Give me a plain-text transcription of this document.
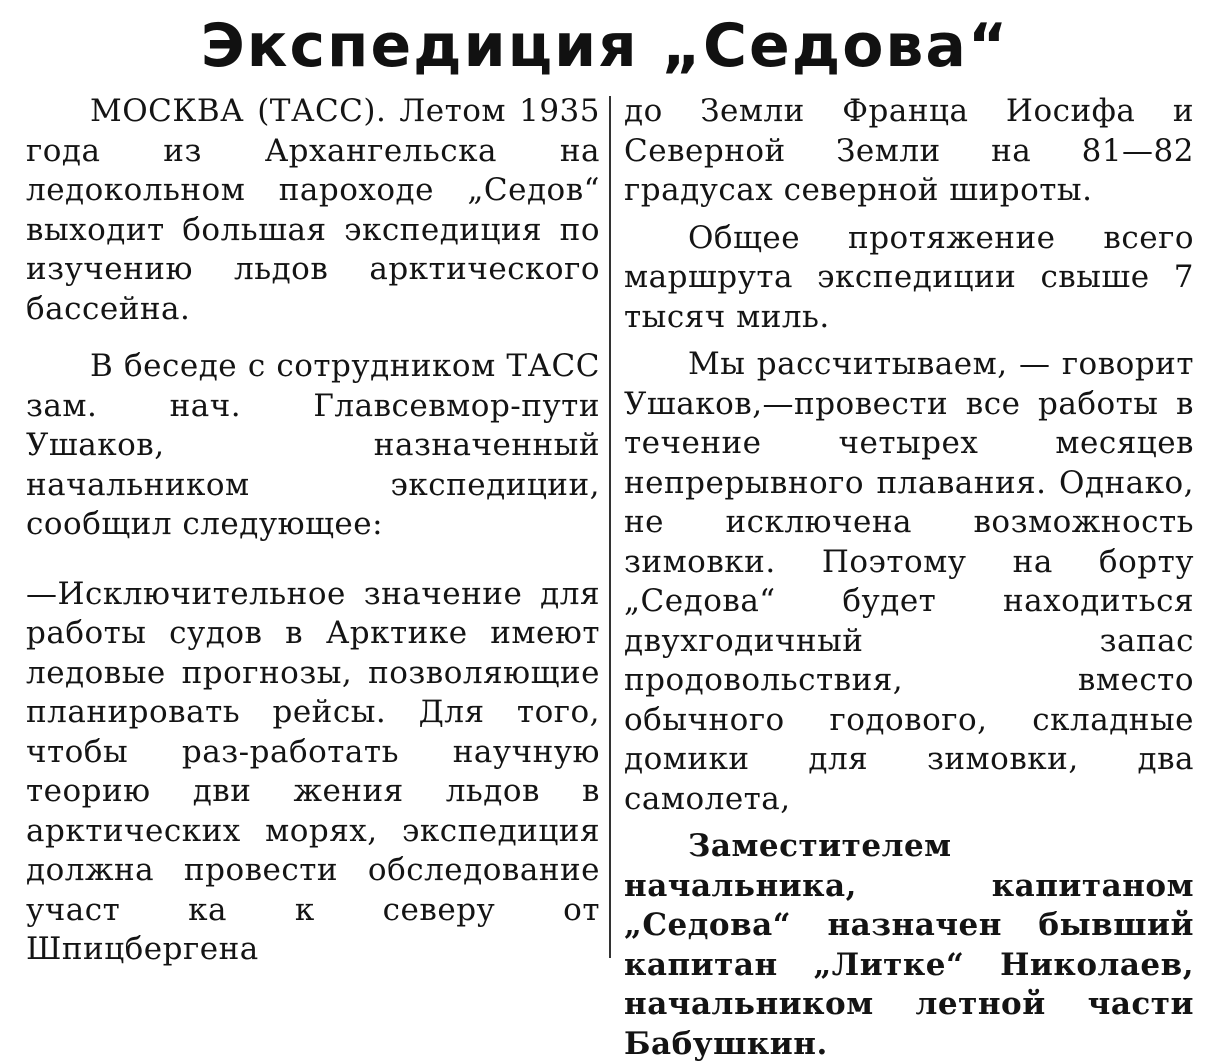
Экспедиция „Седова“

МОСКВА (ТАСС). Летом 1935 года из Архангельска на ледокольном пароходе „Седов“ выходит большая экспедиция по изучению льдов арктического бассейна.

В беседе с сотрудником ТАСС зам. нач. Главсевмор-пути Ушаков, назначенный начальником экспедиции, сообщил следующее:

—Исключительное значение для работы судов в Арктике имеют ледовые прогнозы, позволяющие планировать рейсы. Для того, чтобы раз-работать научную теорию дви жения льдов в арктических морях, экспедиция должна провести обследование участ ка к северу от Шпицбергена

до Земли Франца Иосифа и Северной Земли на 81—82 градусах северной широты.

Общее протяжение всего маршрута экспедиции свыше 7 тысяч миль.

Мы рассчитываем, — говорит Ушаков,—провести все работы в течение четырех месяцев непрерывного плавания. Однако, не исключена возможность зимовки. Поэтому на борту „Седова“ будет находиться двухгодичный запас продовольствия, вместо обычного годового, складные домики для зимовки, два самолета,

Заместителем начальника, капитаном „Седова“ назначен бывший капитан „Литке“ Николаев, начальником летной части Бабушкин.
